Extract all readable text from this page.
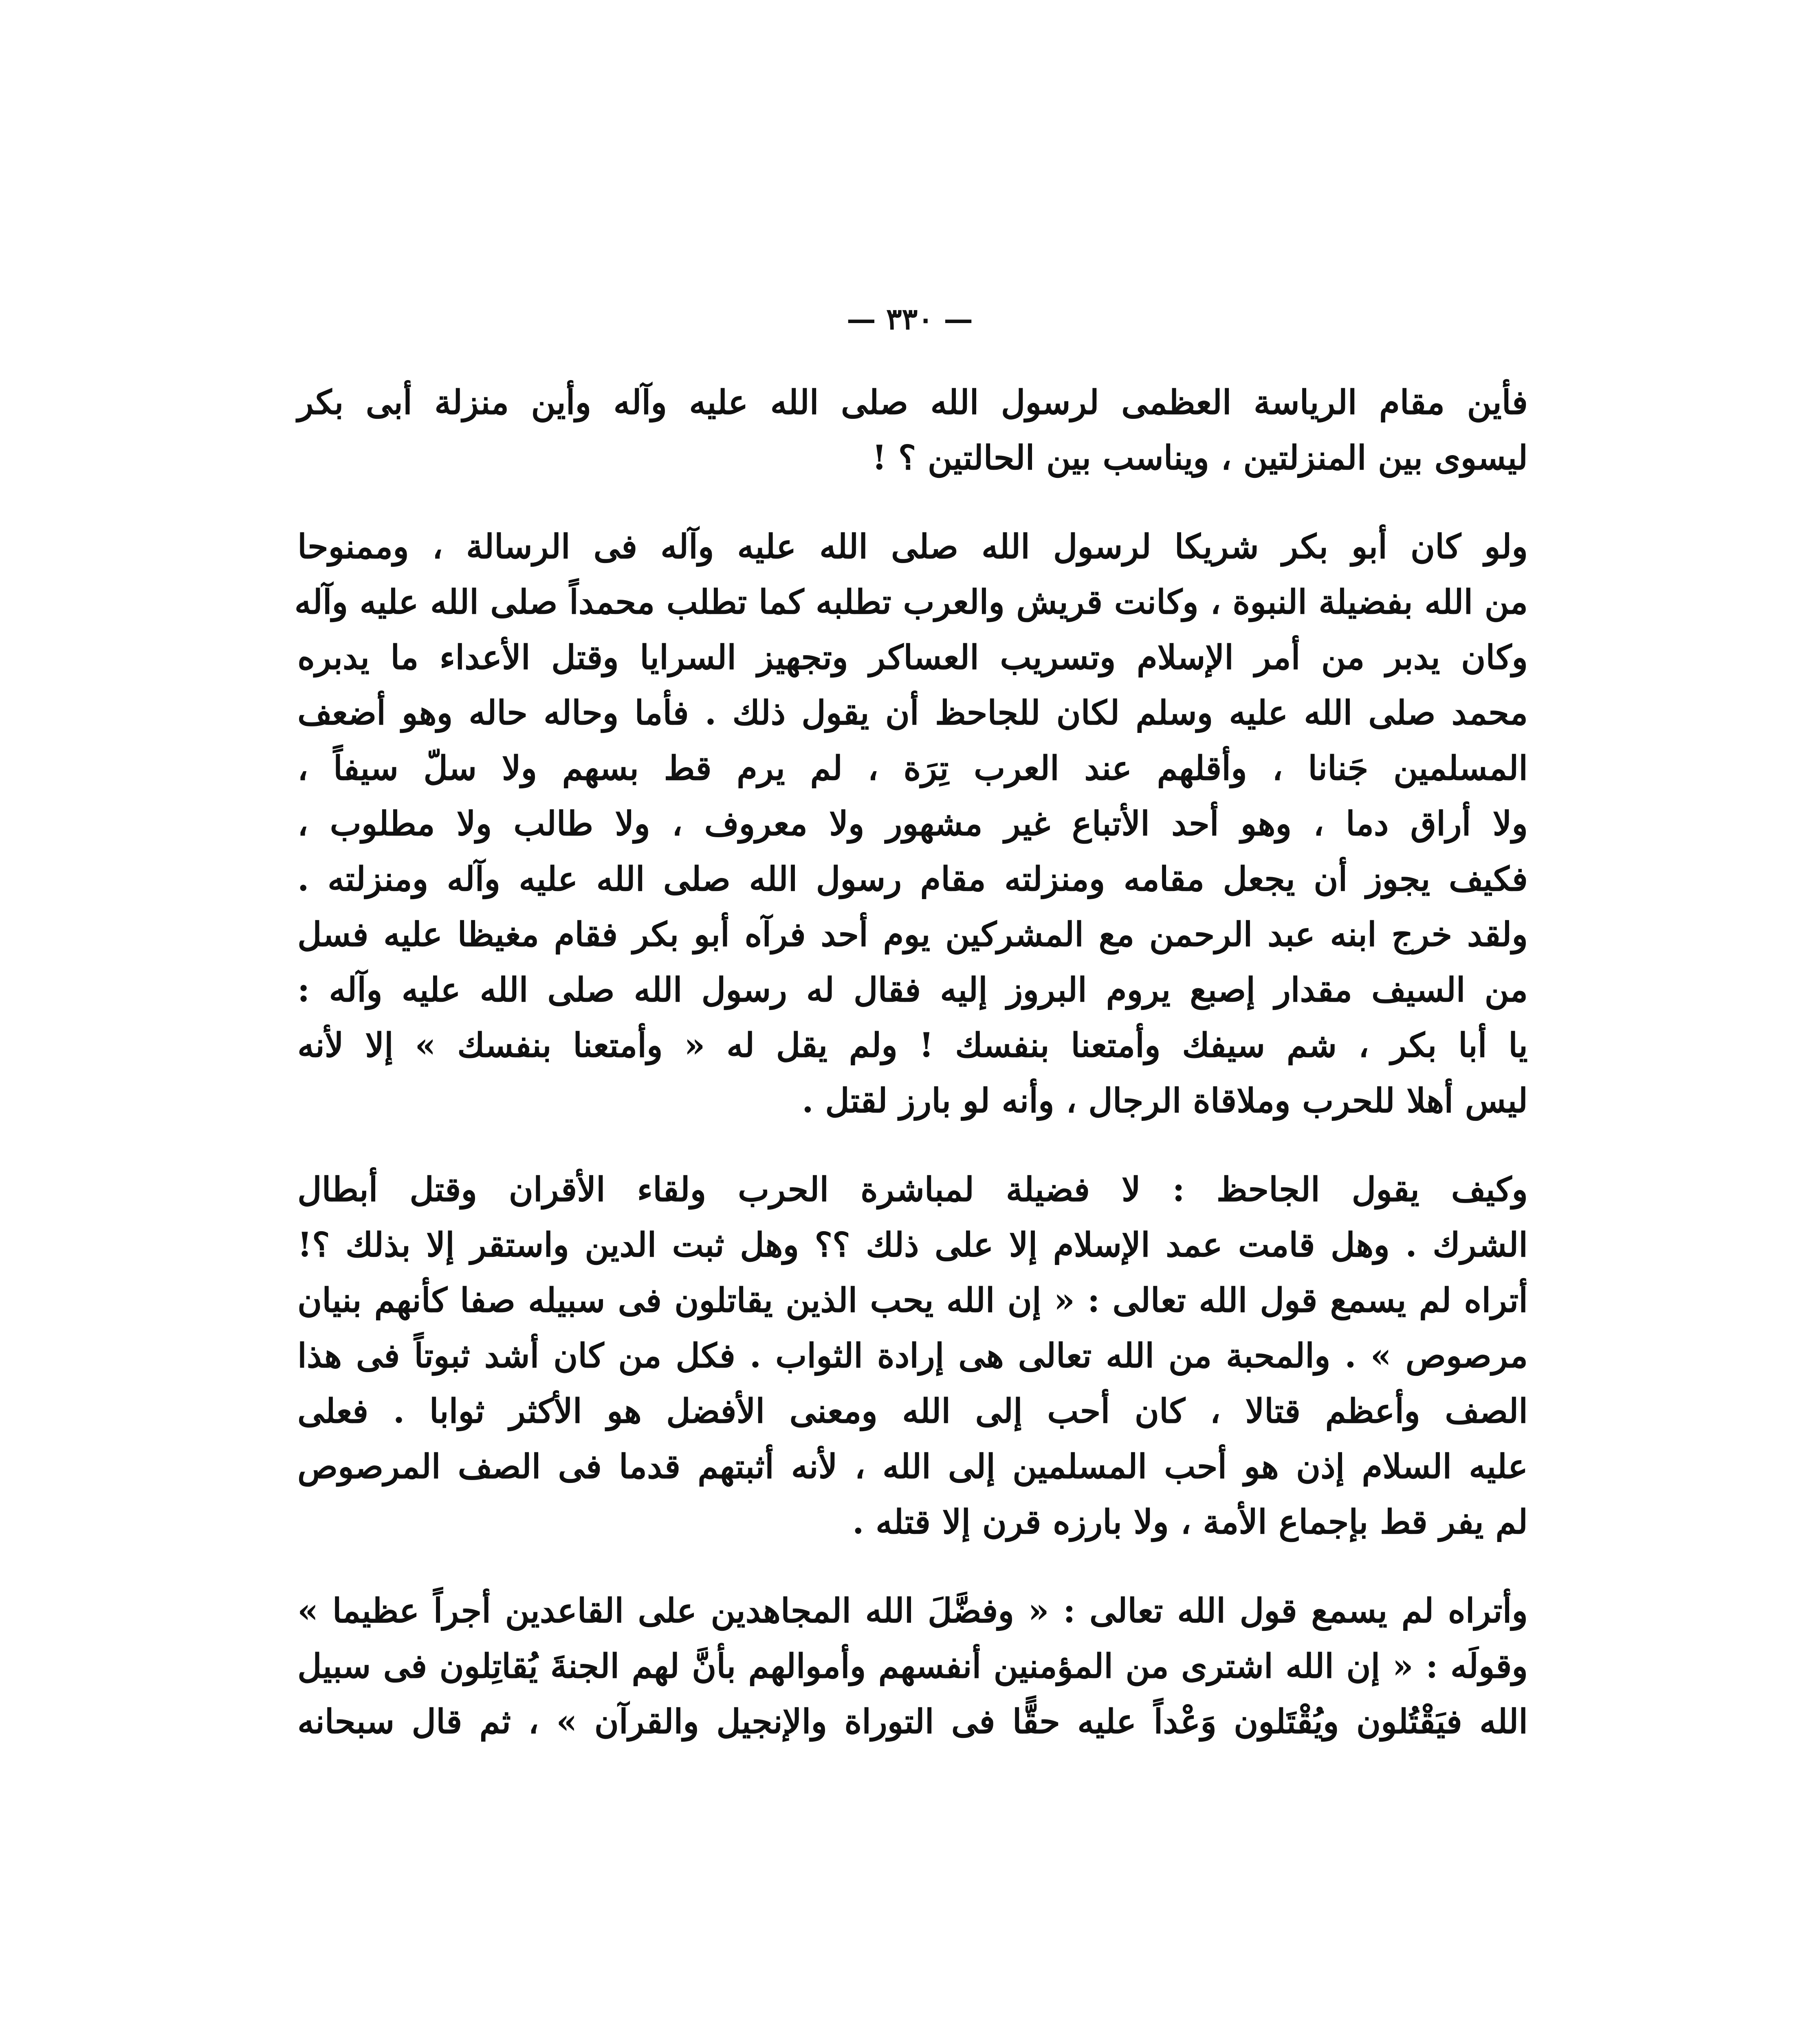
— ٣٣٠ —

فأين مقام الرياسة العظمى لرسول الله صلى الله عليه وآله وأين منزلة أبى بكر
ليسوى بين المنزلتين ، ويناسب بين الحالتين ؟ !

ولو كان أبو بكر شريكا لرسول الله صلى الله عليه وآله فى الرسالة ، وممنوحا
من الله بفضيلة النبوة ، وكانت قريش والعرب تطلبه كما تطلب محمداً صلى الله عليه وآله
وكان يدبر من أمر الإسلام وتسريب العساكر وتجهيز السرايا وقتل الأعداء ما يدبره
محمد صلى الله عليه وسلم لكان للجاحظ أن يقول ذلك . فأما وحاله حاله وهو أضعف
المسلمين جَنانا ، وأقلهم عند العرب تِرَة ، لم يرم قط بسهم ولا سلّ سيفاً ،
ولا أراق دما ، وهو أحد الأتباع غير مشهور ولا معروف ، ولا طالب ولا مطلوب ،
فكيف يجوز أن يجعل مقامه ومنزلته مقام رسول الله صلى الله عليه وآله ومنزلته .
ولقد خرج ابنه عبد الرحمن مع المشركين يوم أحد فرآه أبو بكر فقام مغيظا عليه فسل
من السيف مقدار إصبع يروم البروز إليه فقال له رسول الله صلى الله عليه وآله :
يا أبا بكر ، شم سيفك وأمتعنا بنفسك ! ولم يقل له « وأمتعنا بنفسك » إلا لأنه
ليس أهلا للحرب وملاقاة الرجال ، وأنه لو بارز لقتل .

وكيف يقول الجاحظ : لا فضيلة لمباشرة الحرب ولقاء الأقران وقتل أبطال
الشرك . وهل قامت عمد الإسلام إلا على ذلك ؟؟ وهل ثبت الدين واستقر إلا بذلك ؟!
أتراه لم يسمع قول الله تعالى : « إن الله يحب الذين يقاتلون فى سبيله صفا كأنهم بنيان
مرصوص » . والمحبة من الله تعالى هى إرادة الثواب . فكل من كان أشد ثبوتاً فى هذا
الصف وأعظم قتالا ، كان أحب إلى الله ومعنى الأفضل هو الأكثر ثوابا . فعلى
عليه السلام إذن هو أحب المسلمين إلى الله ، لأنه أثبتهم قدما فى الصف المرصوص
لم يفر قط بإجماع الأمة ، ولا بارزه قرن إلا قتله .

وأتراه لم يسمع قول الله تعالى : « وفضَّلَ الله المجاهدين على القاعدين أجراً عظيما »
وقولَه : « إن الله اشترى من المؤمنين أنفسهم وأموالهم بأنَّ لهم الجنةَ يُقاتِلون فى سبيل
الله فيَقْتُلون ويُقْتَلون وَعْداً عليه حقًّا فى التوراة والإنجيل والقرآن » ، ثم قال سبحانه
